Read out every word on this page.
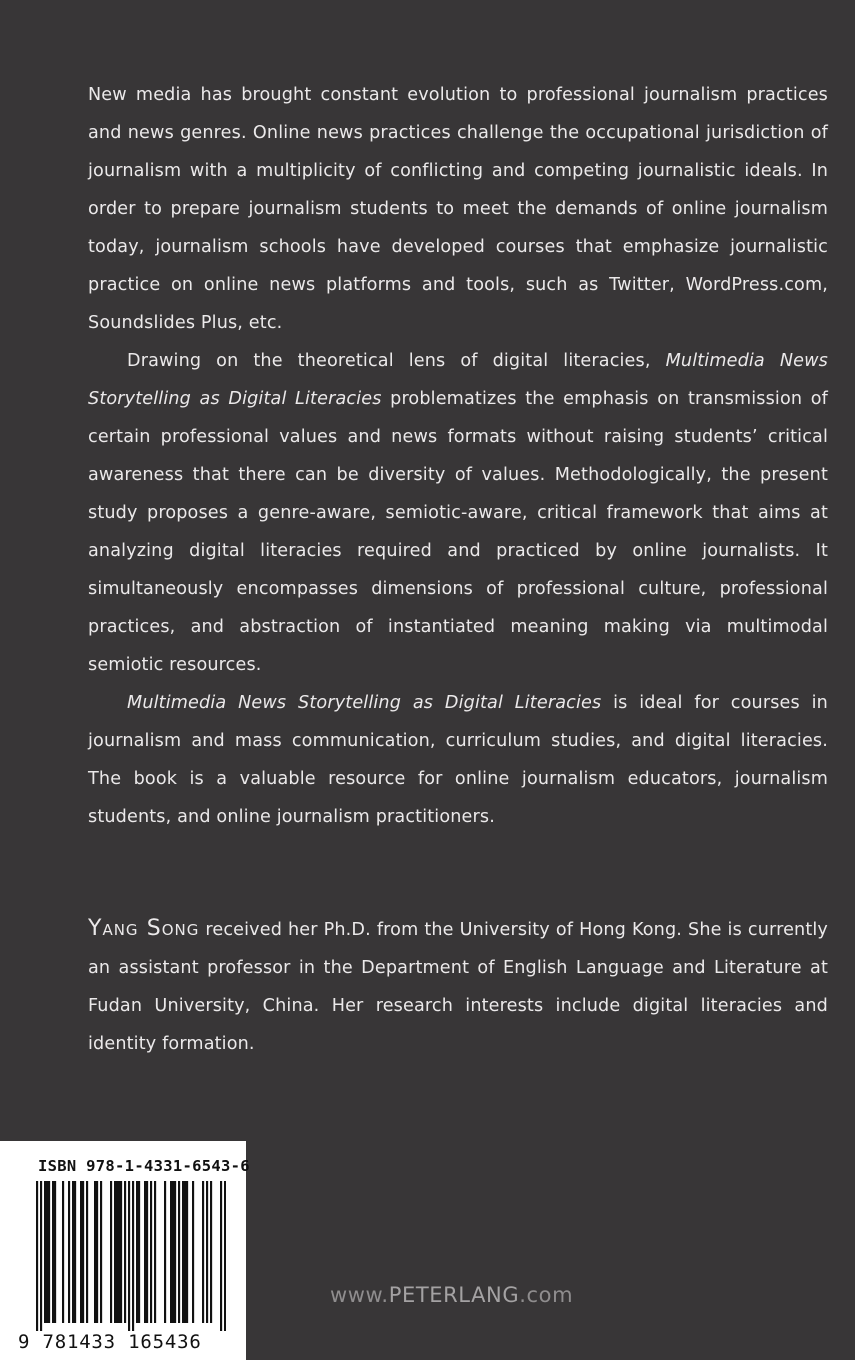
New media has brought constant evolution to professional journalism practices and news genres. Online news practices challenge the occupational jurisdiction of journalism with a multiplicity of conflicting and competing journalistic ideals. In order to prepare journalism students to meet the demands of online journalism today, journalism schools have developed courses that emphasize journalistic practice on online news platforms and tools, such as Twitter, WordPress.com, Soundslides Plus, etc.

Drawing on the theoretical lens of digital literacies, Multimedia News Storytelling as Digital Literacies problematizes the emphasis on transmission of certain professional values and news formats without raising students’ critical awareness that there can be diversity of values. Methodologically, the present study proposes a genre-aware, semiotic-aware, critical framework that aims at analyzing digital literacies required and practiced by online journalists. It simultaneously encompasses dimensions of professional culture, professional practices, and abstraction of instantiated meaning making via multimodal semiotic resources.

Multimedia News Storytelling as Digital Literacies is ideal for courses in journalism and mass communication, curriculum studies, and digital literacies. The book is a valuable resource for online journalism educators, journalism students, and online journalism practitioners.

Yang Song received her Ph.D. from the University of Hong Kong. She is currently an assistant professor in the Department of English Language and Literature at Fudan University, China. Her research interests include digital literacies and identity formation.

ISBN 978-1-4331-6543-6
9 781433 165436
www.PETERLANG.com
